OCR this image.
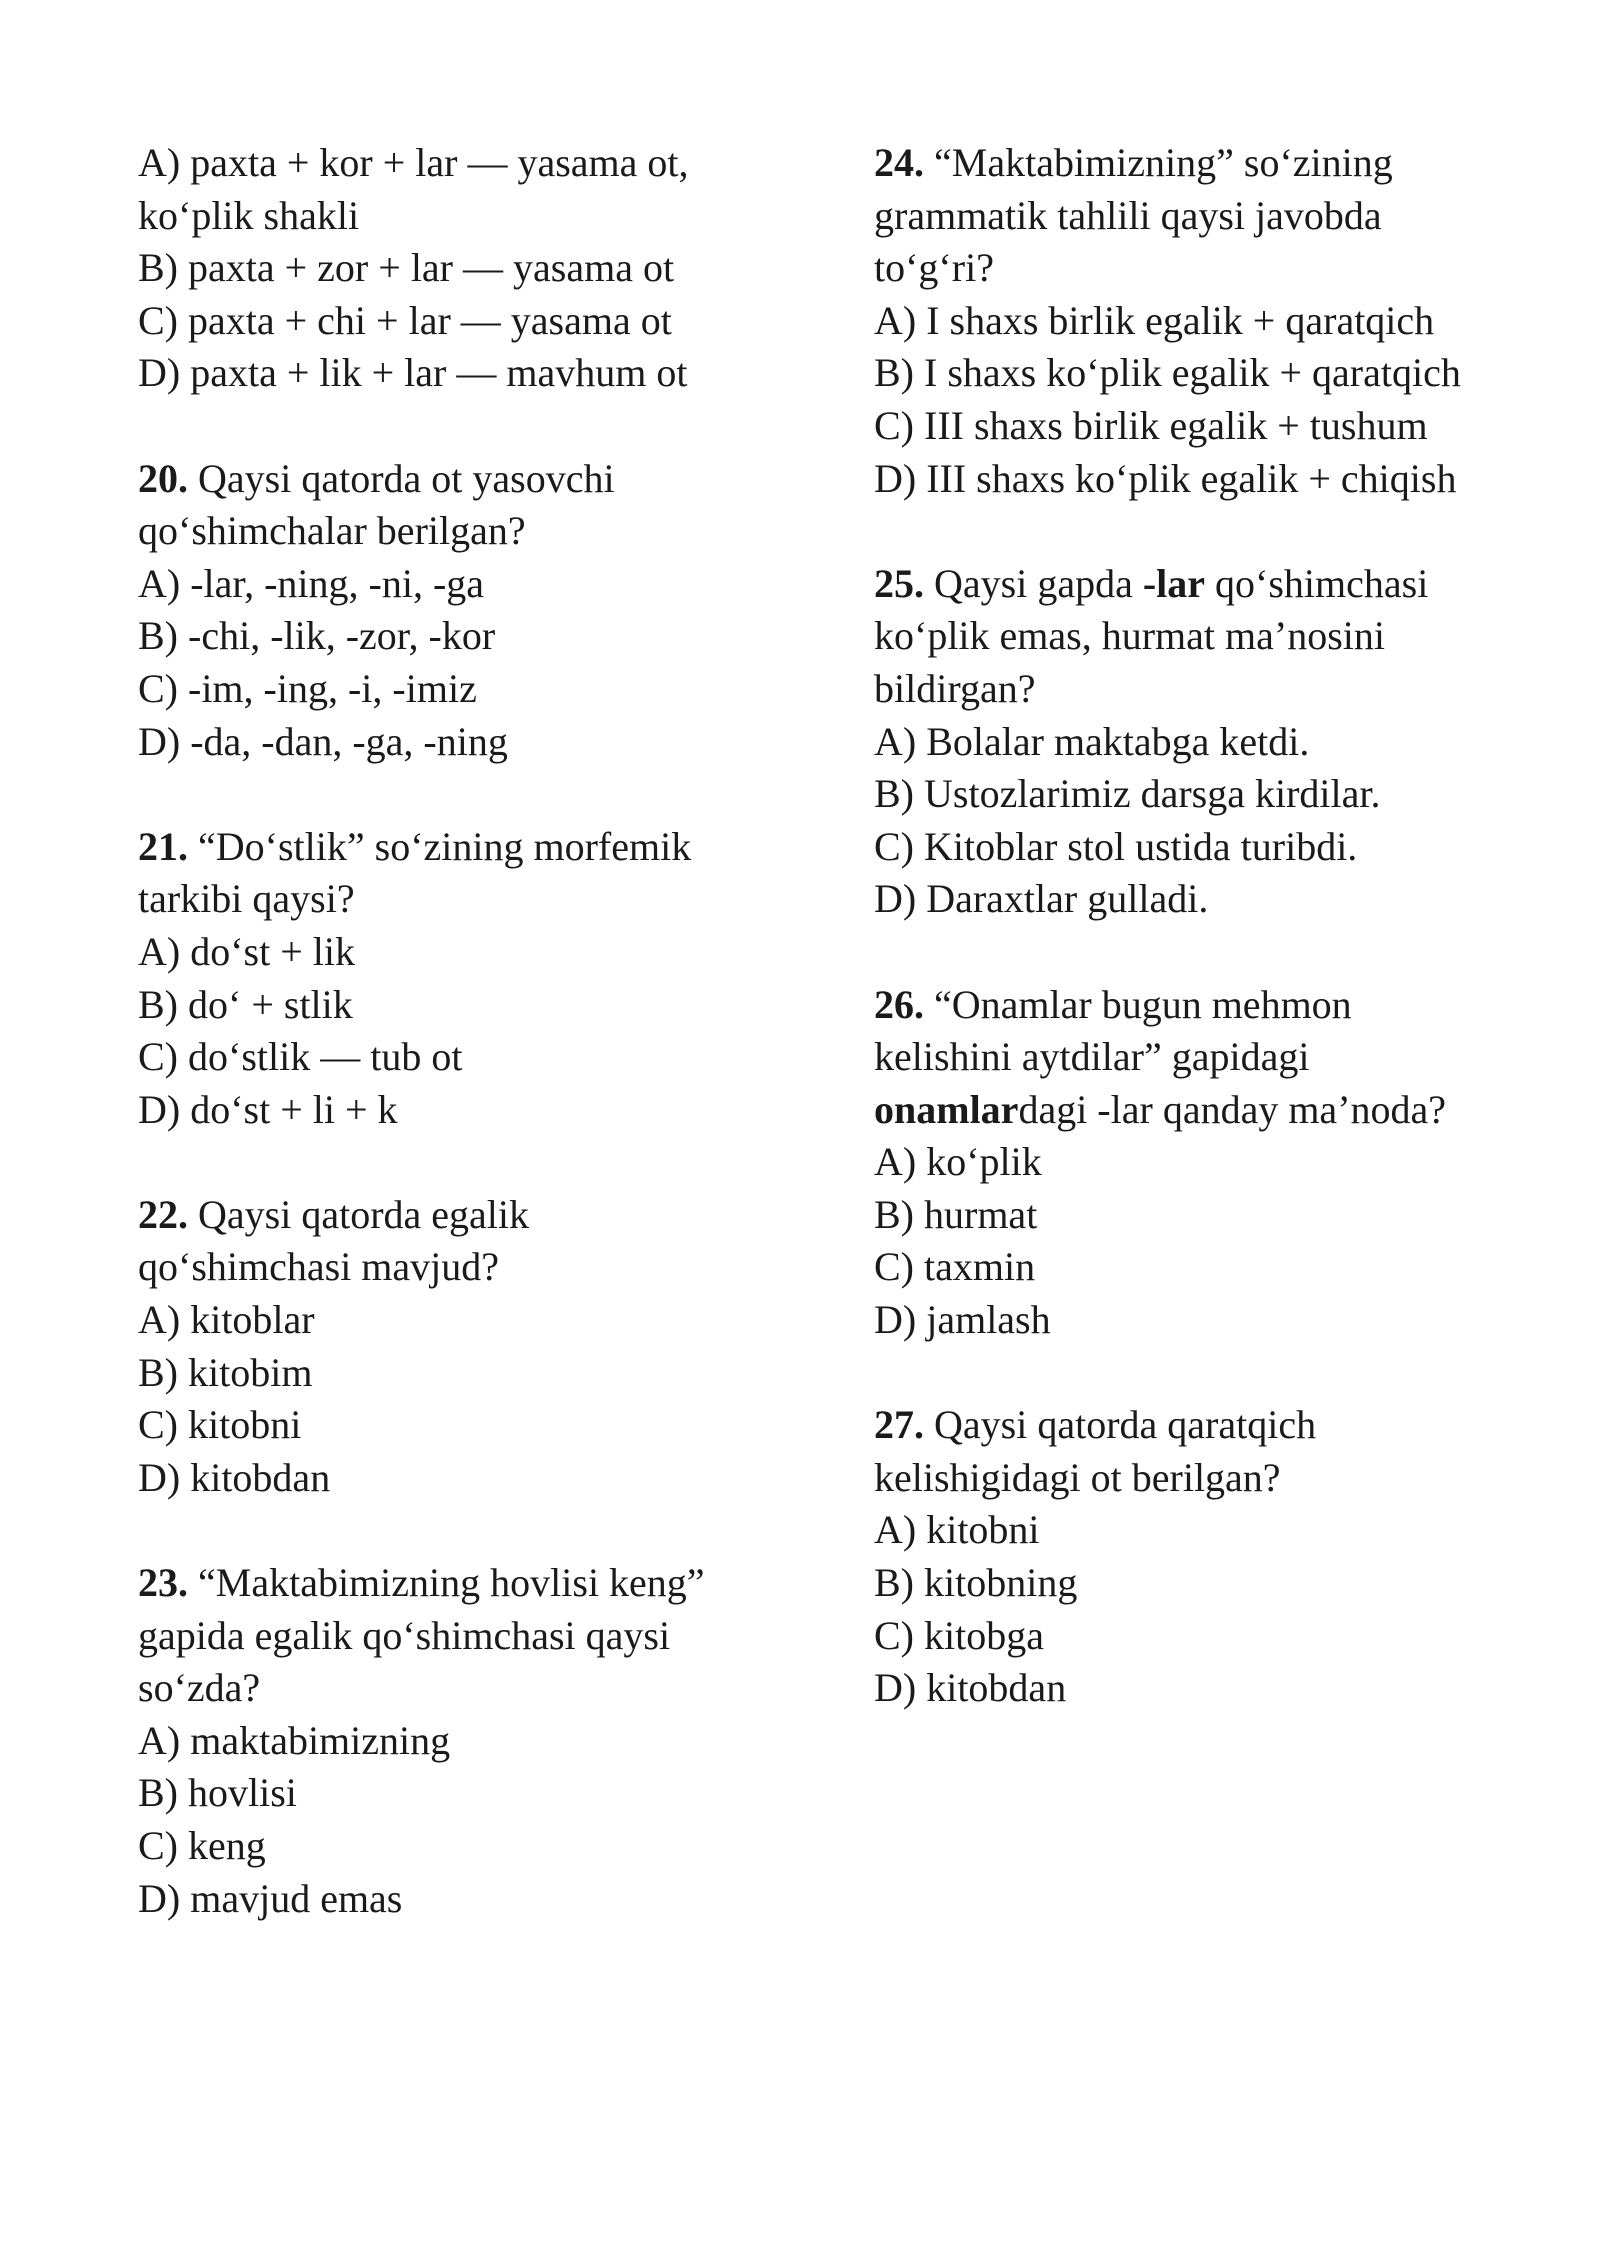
A) paxta + kor + lar — yasama ot, ko‘plik shakli
B) paxta + zor + lar — yasama ot
C) paxta + chi + lar — yasama ot
D) paxta + lik + lar — mavhum ot
20. Qaysi qatorda ot yasovchi qo‘shimchalar berilgan?
A) -lar, -ning, -ni, -ga
B) -chi, -lik, -zor, -kor
C) -im, -ing, -i, -imiz
D) -da, -dan, -ga, -ning
21. “Do‘stlik” so‘zining morfemik tarkibi qaysi?
A) do‘st + lik
B) do‘ + stlik
C) do‘stlik — tub ot
D) do‘st + li + k
22. Qaysi qatorda egalik qo‘shimchasi mavjud?
A) kitoblar
B) kitobim
C) kitobni
D) kitobdan
23. “Maktabimizning hovlisi keng” gapida egalik qo‘shimchasi qaysi so‘zda?
A) maktabimizning
B) hovlisi
C) keng
D) mavjud emas
24. “Maktabimizning” so‘zining grammatik tahlili qaysi javobda to‘g‘ri?
A) I shaxs birlik egalik + qaratqich
B) I shaxs ko‘plik egalik + qaratqich
C) III shaxs birlik egalik + tushum
D) III shaxs ko‘plik egalik + chiqish
25. Qaysi gapda -lar qo‘shimchasi ko‘plik emas, hurmat ma’nosini bildirgan?
A) Bolalar maktabga ketdi.
B) Ustozlarimiz darsga kirdilar.
C) Kitoblar stol ustida turibdi.
D) Daraxtlar gulladi.
26. “Onamlar bugun mehmon kelishini aytdilar” gapidagi onamlardagi -lar qanday ma’noda?
A) ko‘plik
B) hurmat
C) taxmin
D) jamlash
27. Qaysi qatorda qaratqich kelishigidagi ot berilgan?
A) kitobni
B) kitobning
C) kitobga
D) kitobdan
